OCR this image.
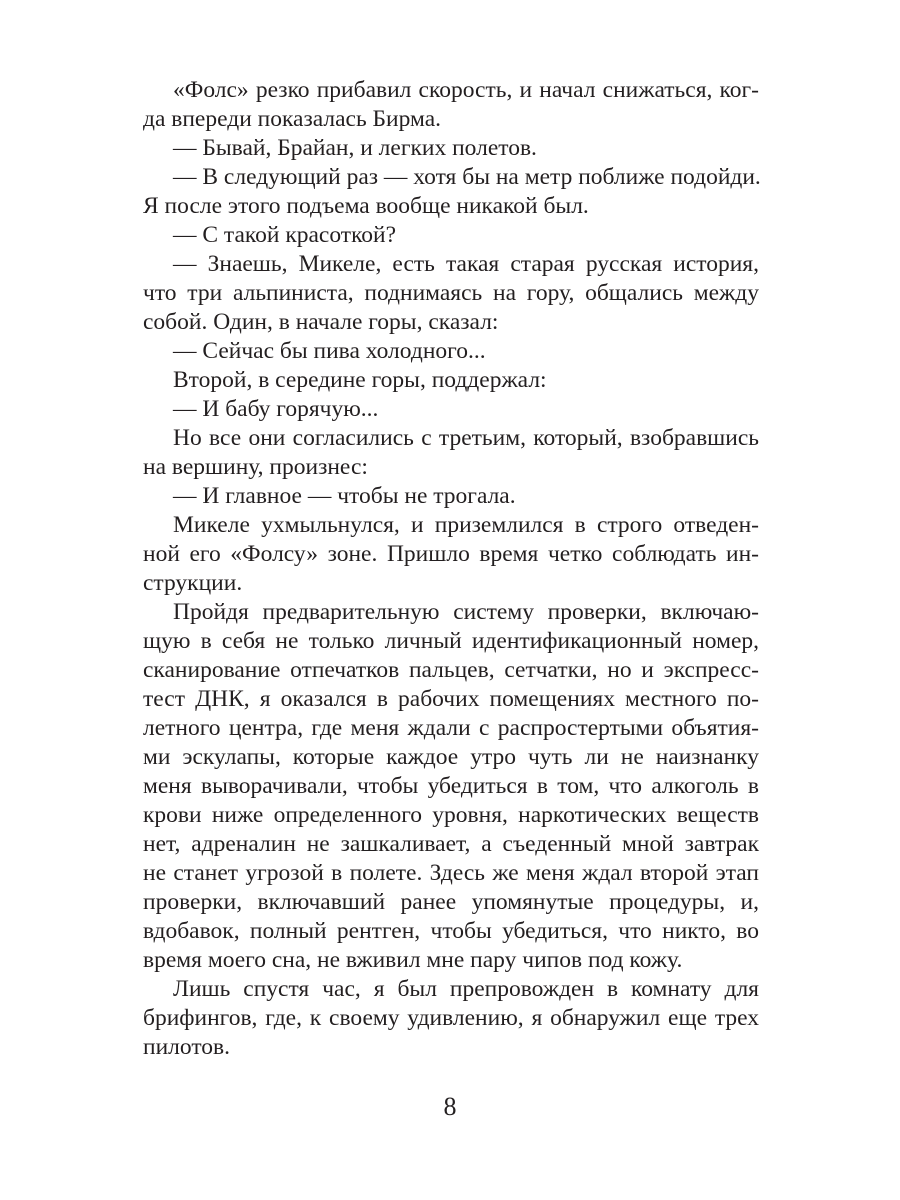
«Фолс» резко прибавил скорость, и начал снижаться, ког-
да впереди показалась Бирма.
— Бывай, Брайан, и легких полетов.
— В следующий раз — хотя бы на метр поближе подойди.
Я после этого подъема вообще никакой был.
— С такой красоткой?
— Знаешь, Микеле, есть такая старая русская история,
что три альпиниста, поднимаясь на гору, общались между
собой. Один, в начале горы, сказал:
— Сейчас бы пива холодного...
Второй, в середине горы, поддержал:
— И бабу горячую...
Но все они согласились с третьим, который, взобравшись
на вершину, произнес:
— И главное — чтобы не трогала.
Микеле ухмыльнулся, и приземлился в строго отведен-
ной его «Фолсу» зоне. Пришло время четко соблюдать ин-
струкции.
Пройдя предварительную систему проверки, включаю-
щую в себя не только личный идентификационный номер,
сканирование отпечатков пальцев, сетчатки, но и экспресс-
тест ДНК, я оказался в рабочих помещениях местного по-
летного центра, где меня ждали с распростертыми объятия-
ми эскулапы, которые каждое утро чуть ли не наизнанку
меня выворачивали, чтобы убедиться в том, что алкоголь в
крови ниже определенного уровня, наркотических веществ
нет, адреналин не зашкаливает, а съеденный мной завтрак
не станет угрозой в полете. Здесь же меня ждал второй этап
проверки, включавший ранее упомянутые процедуры, и,
вдобавок, полный рентген, чтобы убедиться, что никто, во
время моего сна, не вживил мне пару чипов под кожу.
Лишь спустя час, я был препровожден в комнату для
брифингов, где, к своему удивлению, я обнаружил еще трех
пилотов.
8
